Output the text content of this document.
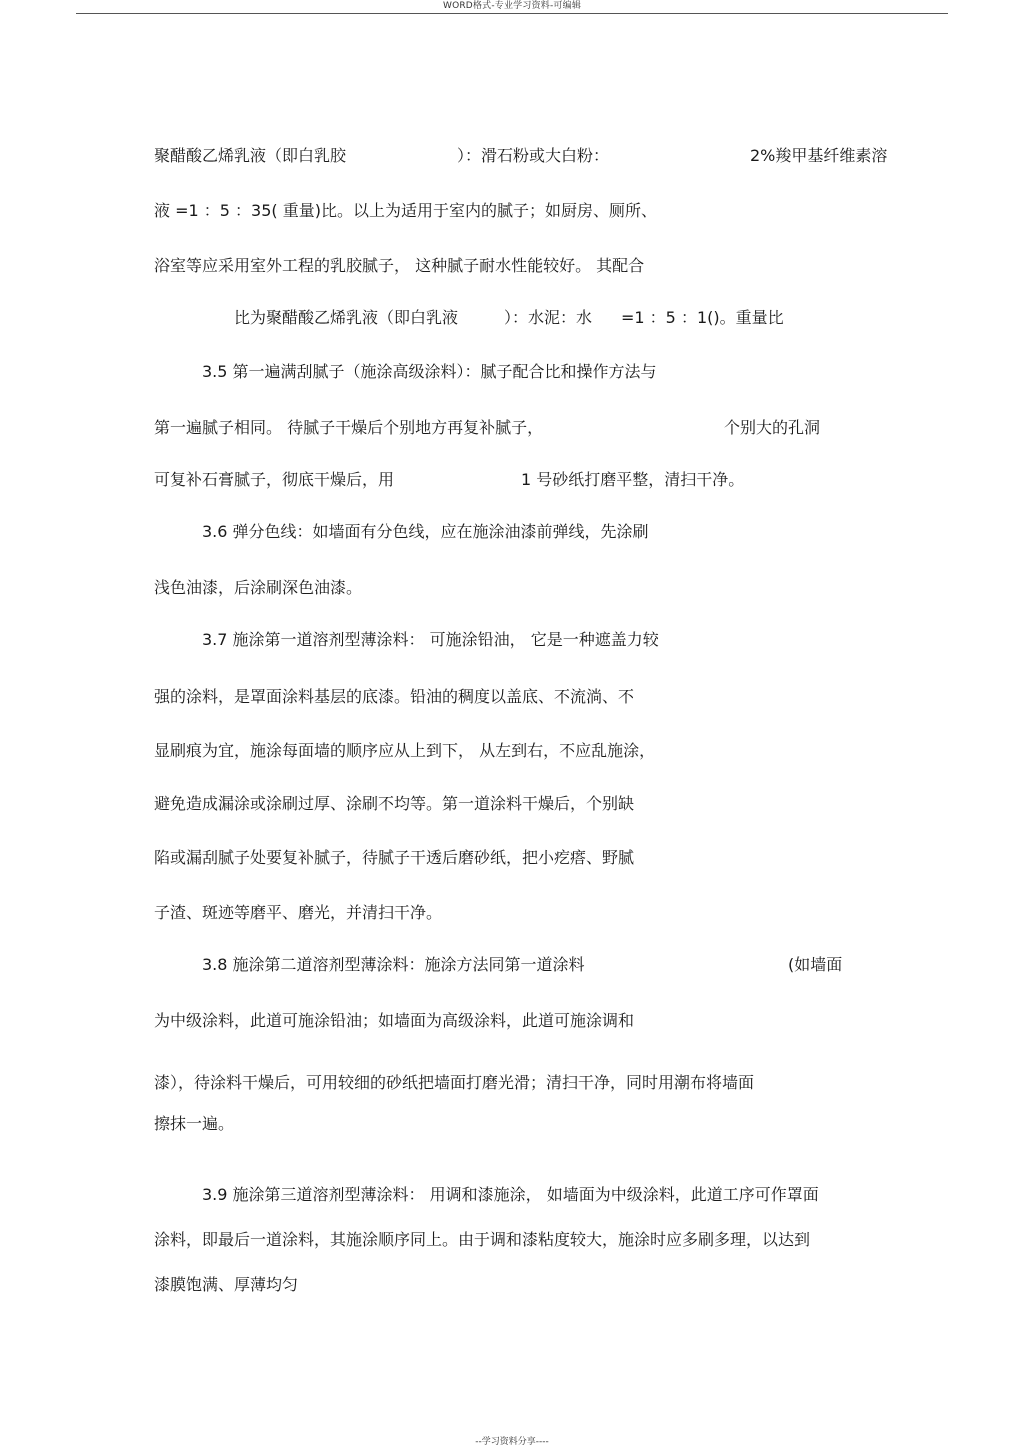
WORD格式-专业学习资料-可编辑
聚醋酸乙烯乳液（即白乳胶	）：滑石粉或大白粉：	2%羧甲基纤维素溶
液 =1 ：5 ：35( 重量)比。以上为适用于室内的腻子；如厨房、厕所、
浴室等应采用室外工程的乳胶腻子， 这种腻子耐水性能较好。 其配合
比为聚醋酸乙烯乳液（即白乳液	）：水泥：水 =1 ：5 ：1()。重量比
3.5 第一遍满刮腻子（施涂高级涂料）：腻子配合比和操作方法与
第一遍腻子相同。 待腻子干燥后个别地方再复补腻子，	个别大的孔洞
可复补石膏腻子，彻底干燥后，用	1 号砂纸打磨平整，清扫干净。
3.6 弹分色线：如墙面有分色线，应在施涂油漆前弹线，先涂刷
浅色油漆，后涂刷深色油漆。
3.7 施涂第一道溶剂型薄涂料： 可施涂铅油， 它是一种遮盖力较
强的涂料，是罩面涂料基层的底漆。铅油的稠度以盖底、不流淌、不
显刷痕为宜，施涂每面墙的顺序应从上到下， 从左到右，不应乱施涂，
避免造成漏涂或涂刷过厚、涂刷不均等。第一道涂料干燥后，个别缺
陷或漏刮腻子处要复补腻子，待腻子干透后磨砂纸，把小疙瘩、野腻
子渣、斑迹等磨平、磨光，并清扫干净。
3.8 施涂第二道溶剂型薄涂料：施涂方法同第一道涂料	(如墙面
为中级涂料，此道可施涂铅油；如墙面为高级涂料，此道可施涂调和
漆），待涂料干燥后，可用较细的砂纸把墙面打磨光滑；清扫干净，同时用潮布将墙面
擦抹一遍。
3.9 施涂第三道溶剂型薄涂料： 用调和漆施涂， 如墙面为中级涂料，此道工序可作罩面
涂料，即最后一道涂料，其施涂顺序同上。由于调和漆粘度较大，施涂时应多刷多理，以达到
漆膜饱满、厚薄均匀
--学习资料分享----
